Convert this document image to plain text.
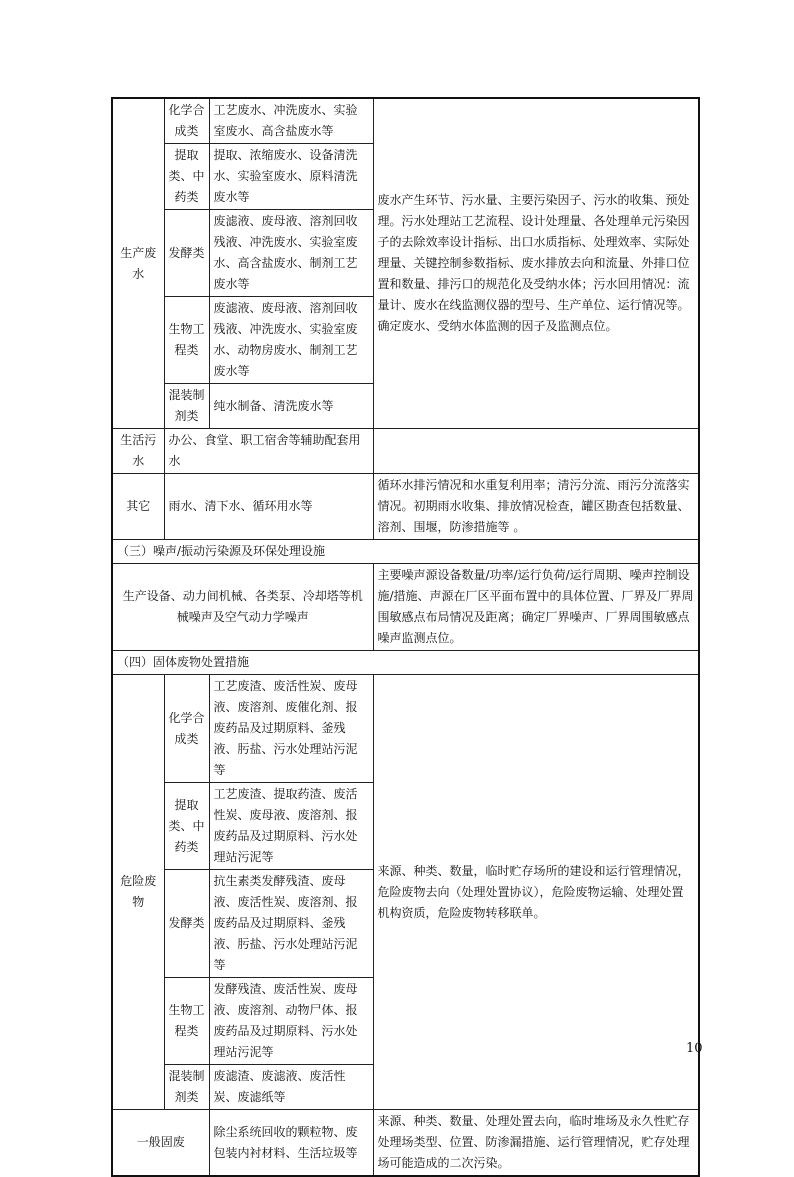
生产废水	化学合成类	工艺废水、冲洗废水、实验室废水、高含盐废水等	废水产生环节、污水量、主要污染因子、污水的收集、预处理。污水处理站工艺流程、设计处理量、各处理单元污染因子的去除效率设计指标、出口水质指标、处理效率、实际处理量、关键控制参数指标、废水排放去向和流量、外排口位置和数量、排污口的规范化及受纳水体；污水回用情况：流量计、废水在线监测仪器的型号、生产单位、运行情况等。
确定废水、受纳水体监测的因子及监测点位。
	提取类、中药类	提取、浓缩废水、设备清洗水、实验室废水、原料清洗废水等	
	发酵类	废滤液、废母液、溶剂回收残液、冲洗废水、实验室废水、高含盐废水、制剂工艺废水等	
	生物工程类	废滤液、废母液、溶剂回收残液、冲洗废水、实验室废水、动物房废水、制剂工艺废水等	
	混装制剂类	纯水制备、清洗废水等	
生活污水	办公、食堂、职工宿舍等辅助配套用水		
其它	雨水、清下水、循环用水等		循环水排污情况和水重复利用率；清污分流、雨污分流落实情况。初期雨水收集、排放情况检查，罐区勘查包括数量、溶剂、围堰，防渗措施等 。
（三）噪声/振动污染源及环保处理设施			
生产设备、动力间机械、各类泵、冷却塔等机械噪声及空气动力学噪声			主要噪声源设备数量/功率/运行负荷/运行周期、噪声控制设施/措施、声源在厂区平面布置中的具体位置、厂界及厂界周围敏感点布局情况及距离；确定厂界噪声、厂界周围敏感点噪声监测点位。
（四）固体废物处置措施			
危险废物	化学合成类	工艺废渣、废活性炭、废母液、废溶剂、废催化剂、报废药品及过期原料、釜残液、肟盐、污水处理站污泥等	来源、种类、数量，临时贮存场所的建设和运行管理情况，危险废物去向（处理处置协议），危险废物运输、处理处置机构资质，危险废物转移联单。
	提取类、中药类	工艺废渣、提取药渣、废活性炭、废母液、废溶剂、报废药品及过期原料、污水处理站污泥等	
	发酵类	抗生素类发酵残渣、废母液、废活性炭、废溶剂、报废药品及过期原料、釜残液、肟盐、污水处理站污泥等	
	生物工程类	发酵残渣、废活性炭、废母液、废溶剂、动物尸体、报废药品及过期原料、污水处理站污泥等	
	混装制剂类	废滤渣、废滤液、废活性炭、废滤纸等	
一般固废		除尘系统回收的颗粒物、废包装内衬材料、生活垃圾等	来源、种类、数量、处理处置去向，临时堆场及永久性贮存处理场类型、位置、防渗漏措施、运行管理情况，贮存处理场可能造成的二次污染。
10
